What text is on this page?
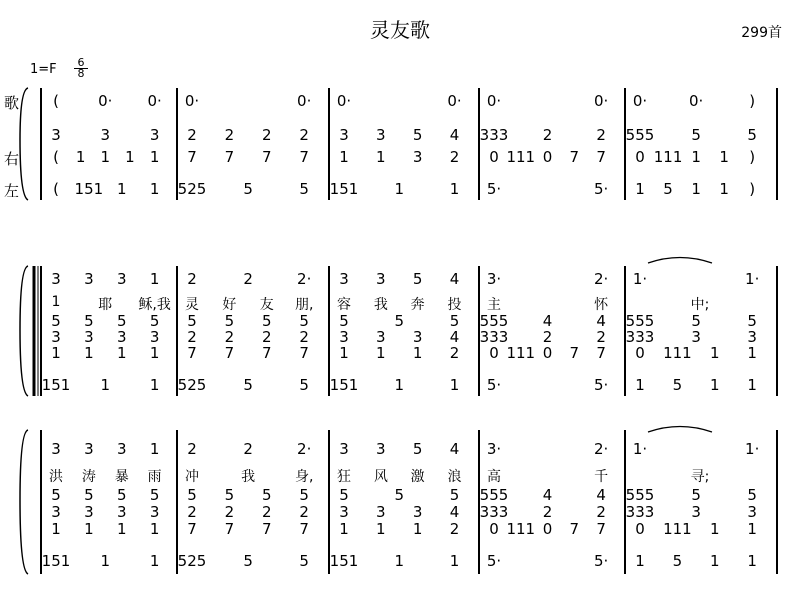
灵友歌	299首
$1=F \frac{6}{8}$
歌
右
左
(	0· 0· 0·	0· 0·	0· 0·	0· 0·	0·	)
3	3	3 2 2 2 2 3 3 5 4 333 2	2 555 5	5
( 1 1 1 1 7 7 7 7 1 1 3 2 0 111 0 7 7 0 111 1 1 )
( 151 1 1 525 5	5 151 1	1 5·	5· 1 5 1 1 )
3 3 3 1 2	2	2· 3 3 5 4 3·	2· 1·	1·
1	耶 稣,我 灵 好 友 朋, 容 我 奔 投 主	怀	中;
5 5 5 5 5 5 5 5 5	5	5 555 4	4 555 5	5
3 3 3 3 2 2 2 2 3 3 3 4 333 2	2 333 3	3
1 1 1 1 7 7 7 7 1 1 1 2 0 111 0 7 7 0 111 1 1
151 1	1 525 5	5 151 1	1 5·	5· 1 5 1 1
3 3 3 1 2	2	2· 3 3 5 4 3·	2· 1·	1·
洪 涛 暴 雨 冲	我	身, 狂 风 激 浪 高	千	寻;
5 5 5 5 5 5 5 5 5	5	5 555 4	4 555 5	5
3 3 3 3 2 2 2 2 3 3 3 4 333 2	2 333 3	3
1 1 1 1 7 7 7 7 1 1 1 2 0 111 0 7 7 0 111 1 1
151 1	1 525 5	5 151 1	1 5·	5· 1 5 1 1
